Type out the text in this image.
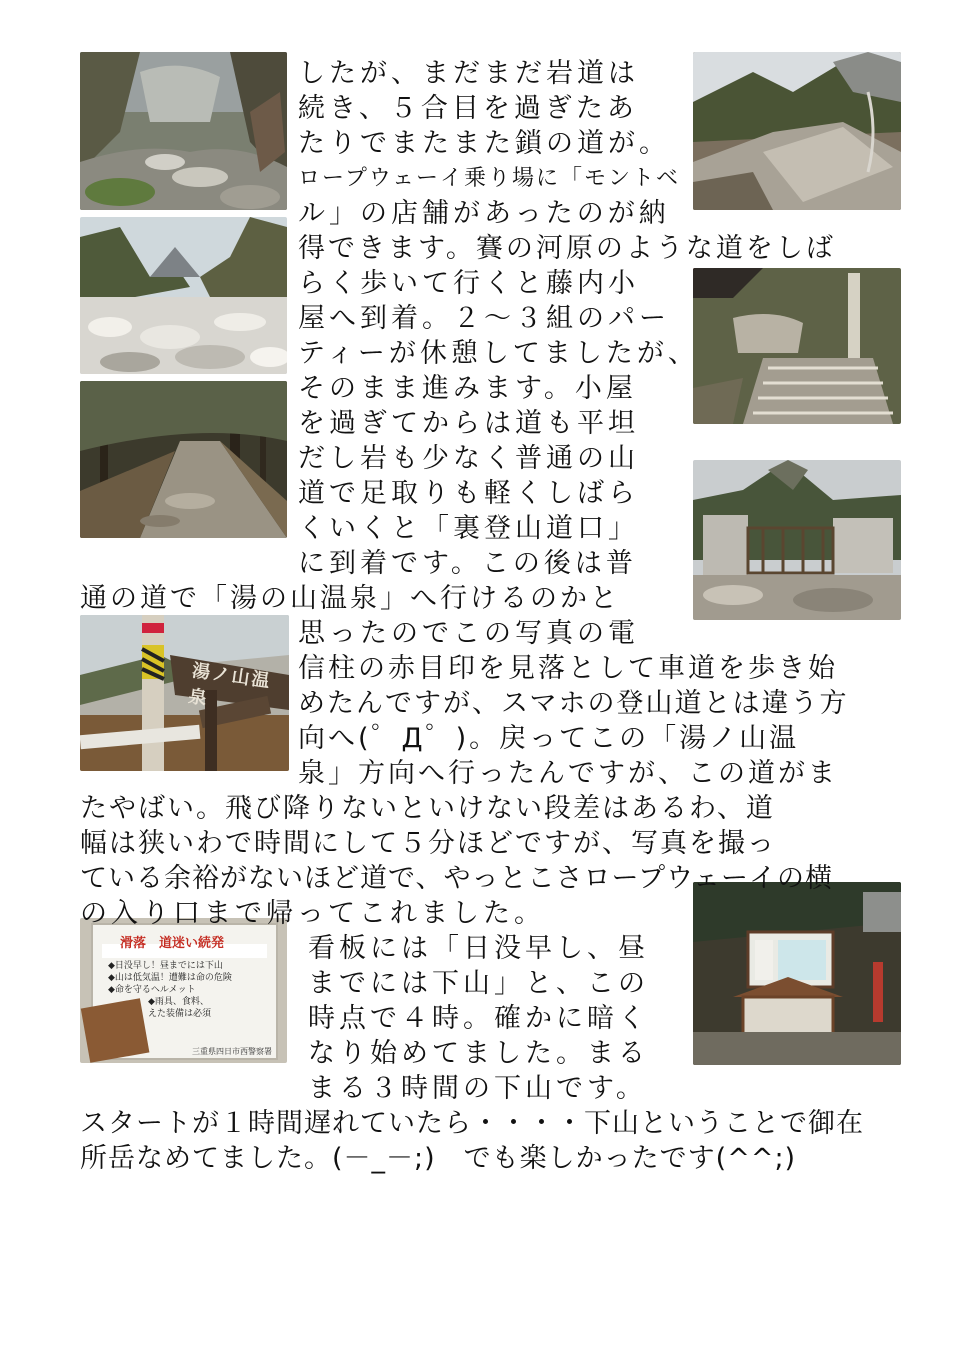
湯ノ山温泉
滑落　道迷い続発
◆日没早し！昼までには下山
◆山は低気温！遭難は命の危険
◆命を守るヘルメット
◆雨具、食料、
えた装備は必須
三重県四日市西警察署
したが、まだまだ岩道は
続き、５合目を過ぎたあ
たりでまたまた鎖の道が。
ロープウェーイ乗り場に「モントベ
ル」の店舗があったのが納
得できます。賽の河原のような道をしば
らく歩いて行くと藤内小
屋へ到着。２～３組のパー
ティーが休憩してましたが、
そのまま進みます。小屋
を過ぎてからは道も平坦
だし岩も少なく普通の山
道で足取りも軽くしばら
くいくと「裏登山道口」
に到着です。この後は普
通の道で「湯の山温泉」へ行けるのかと
思ったのでこの写真の電
信柱の赤目印を見落として車道を歩き始
めたんですが、スマホの登山道とは違う方
向へ(゜Д゜)。戻ってこの「湯ノ山温
泉」方向へ行ったんですが、この道がま
たやばい。飛び降りないといけない段差はあるわ、道
幅は狭いわで時間にして５分ほどですが、写真を撮っ
ている余裕がないほど道で、やっとこさロープウェーイの横
の入り口まで帰ってこれました。
看板には「日没早し、昼
までには下山」と、この
時点で４時。確かに暗く
なり始めてました。まる
まる３時間の下山です。
スタートが１時間遅れていたら・・・・下山ということで御在
所岳なめてました。(－_－;)　でも楽しかったです(^^;)
